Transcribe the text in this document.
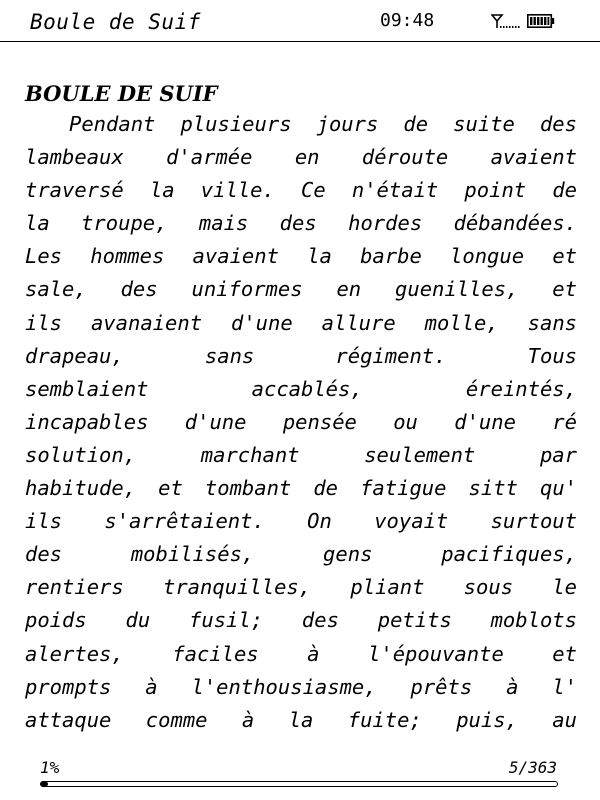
Boule de Suif	09:48
BOULE DE SUIF
Pendant plusieurs jours de suite des
lambeaux d'armée en déroute avaient
traversé la ville. Ce n'était point de
la troupe, mais des hordes débandées.
Les hommes avaient la barbe longue et
sale, des uniformes en guenilles, et
ils avanaient d'une allure molle, sans
drapeau, sans régiment. Tous
semblaient accablés, éreintés,
incapables d'une pensée ou d'une ré
solution, marchant seulement par
habitude, et tombant de fatigue sitt qu'
ils s'arrêtaient. On voyait surtout
des mobilisés, gens pacifiques,
rentiers tranquilles, pliant sous le
poids du fusil; des petits moblots
alertes, faciles à l'épouvante et
prompts à l'enthousiasme, prêts à l'
attaque comme à la fuite; puis, au
1%	5/363
